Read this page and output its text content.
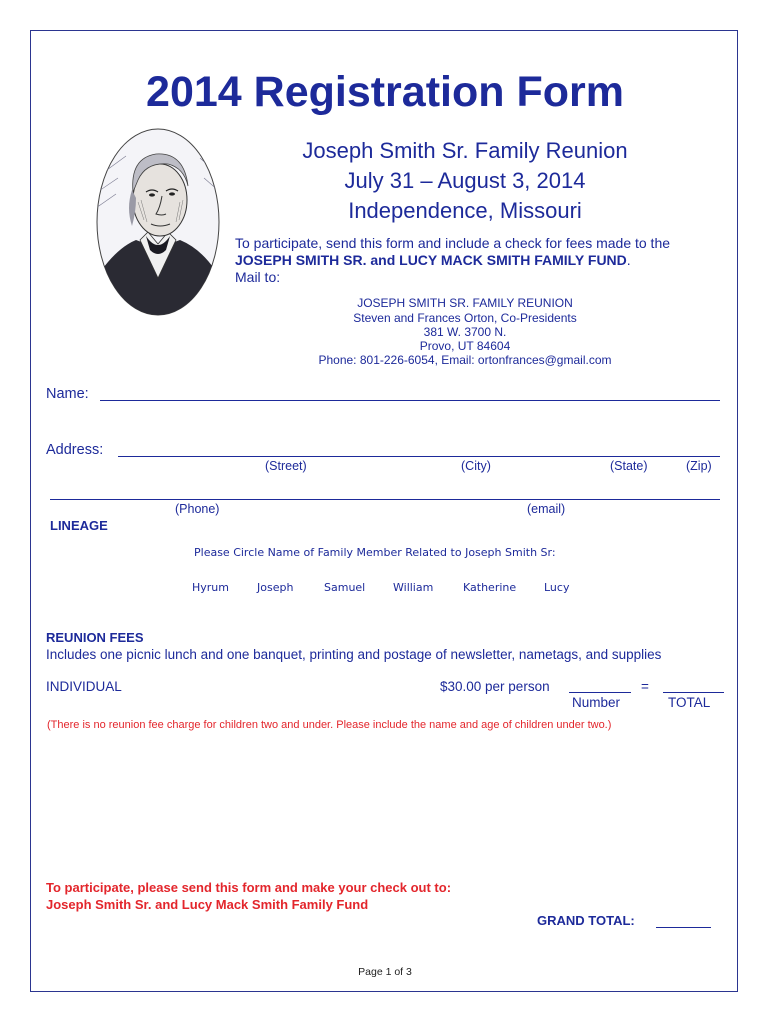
2014 Registration Form
Joseph Smith Sr. Family Reunion
July 31 – August 3, 2014
Independence, Missouri
To participate, send this form and include a check for fees made to the
JOSEPH SMITH SR. and LUCY MACK SMITH FAMILY FUND.
Mail to:
JOSEPH SMITH SR. FAMILY REUNION
Steven and Frances Orton, Co-Presidents
381 W. 3700 N.
Provo, UT 84604
Phone: 801-226-6054, Email: ortonfrances@gmail.com
Name:
Address:
(Street)	(City)	(State)	(Zip)
(Phone)	(email)
LINEAGE
Please Circle Name of Family Member Related to Joseph Smith Sr:
Hyrum	Joseph	Samuel	William	Katherine	Lucy
REUNION FEES
Includes one picnic lunch and one banquet, printing and postage of newsletter, nametags, and supplies
INDIVIDUAL	$30.00 per person	=
Number	TOTAL
(There is no reunion fee charge for children two and under. Please include the name and age of children under two.)
To participate, please send this form and make your check out to:
Joseph Smith Sr. and Lucy Mack Smith Family Fund
GRAND TOTAL:
Page 1 of 3
